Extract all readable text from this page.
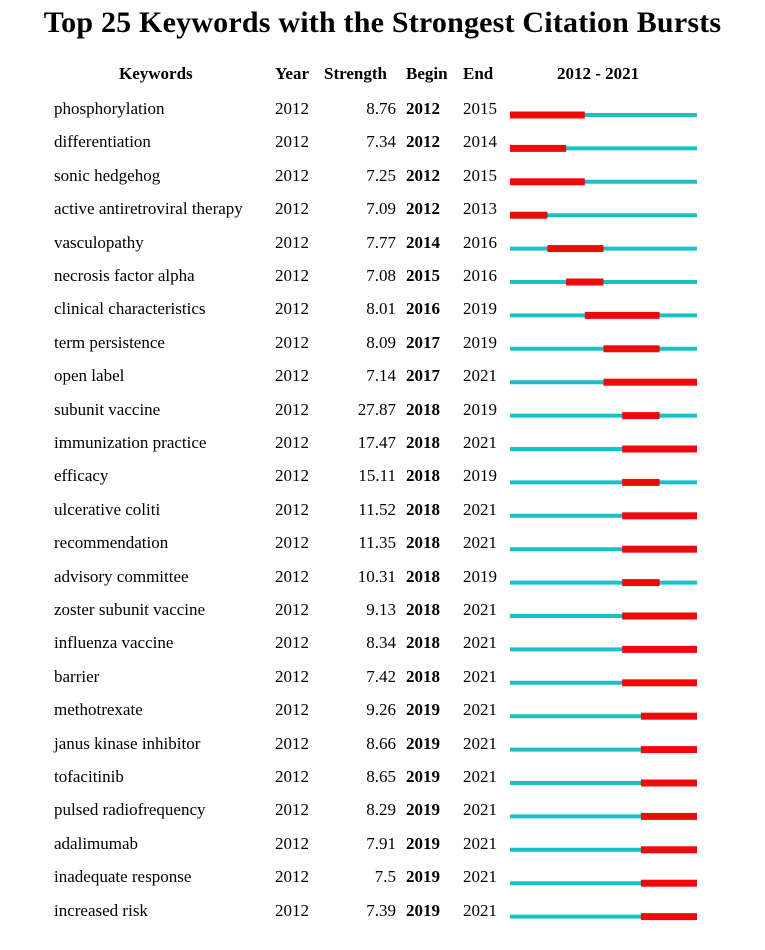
Top 25 Keywords with the Strongest Citation Bursts
Keywords	Year Strength Begin End	2012 - 2021
phosphorylation	2012	8.76 2012 2015
differentiation	2012	7.34 2012 2014
sonic hedgehog	2012	7.25 2012 2015
active antiretroviral therapy 2012	7.09 2012 2013
vasculopathy	2012	7.77 2014 2016
necrosis factor alpha	2012	7.08 2015 2016
clinical characteristics	2012	8.01 2016 2019
term persistence	2012	8.09 2017 2019
open label	2012	7.14 2017 2021
subunit vaccine	2012	27.87 2018 2019
immunization practice	2012	17.47 2018 2021
efficacy	2012	15.11 2018 2019
ulcerative coliti	2012	11.52 2018 2021
recommendation	2012	11.35 2018 2021
advisory committee	2012	10.31 2018 2019
zoster subunit vaccine	2012	9.13 2018 2021
influenza vaccine	2012	8.34 2018 2021
barrier	2012	7.42 2018 2021
methotrexate	2012	9.26 2019 2021
janus kinase inhibitor	2012	8.66 2019 2021
tofacitinib	2012	8.65 2019 2021
pulsed radiofrequency	2012	8.29 2019 2021
adalimumab	2012	7.91 2019 2021
inadequate response	2012	7.5 2019 2021
increased risk	2012	7.39 2019 2021
